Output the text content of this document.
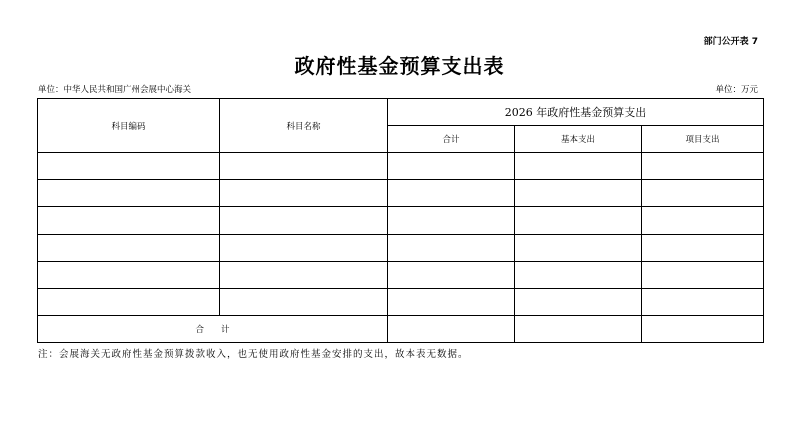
部门公开表 7
政府性基金预算支出表
单位：中华人民共和国广州会展中心海关	单位：万元
科目编码	科目名称	2026 年政府性基金预算支出		
		合计	基本支出	项目支出

合　　计				
注：会展海关无政府性基金预算拨款收入，也无使用政府性基金安排的支出，故本表无数据。
